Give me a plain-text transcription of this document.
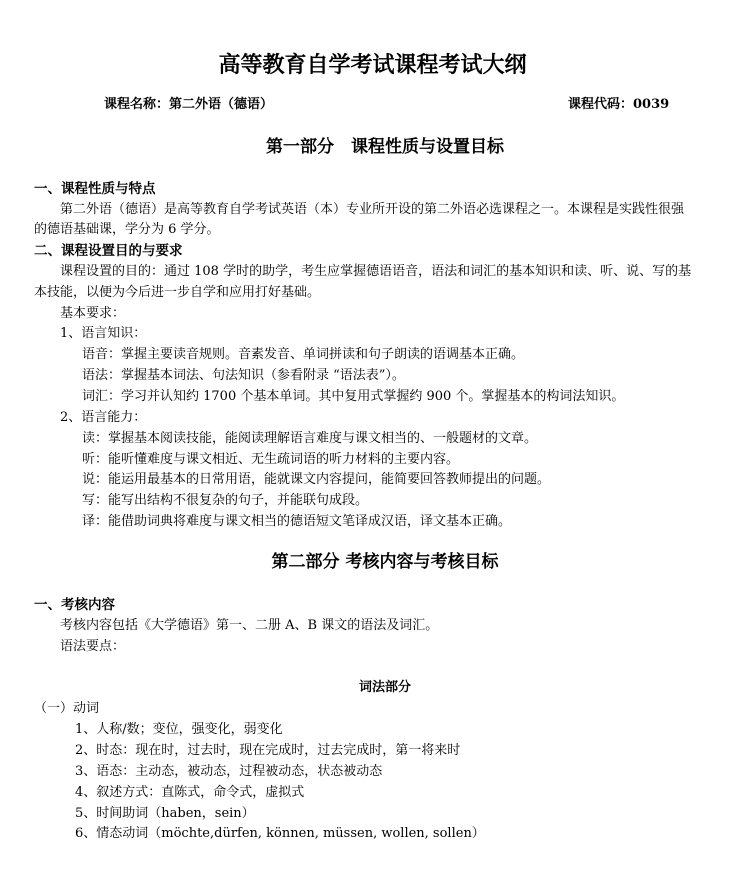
高等教育自学考试课程考试大纲
课程名称：第二外语（德语）	课程代码：0039
第一部分　课程性质与设置目标
一、课程性质与特点
第二外语（德语）是高等教育自学考试英语（本）专业所开设的第二外语必选课程之一。本课程是实践性很强
的德语基础课，学分为 6 学分。
二、课程设置目的与要求
课程设置的目的：通过 108 学时的助学，考生应掌握德语语音，语法和词汇的基本知识和读、听、说、写的基
本技能，以便为今后进一步自学和应用打好基础。
基本要求：
1、语言知识：
语音：掌握主要读音规则。音素发音、单词拼读和句子朗读的语调基本正确。
语法：掌握基本词法、句法知识（参看附录 “语法表”）。
词汇：学习并认知约 1700 个基本单词。其中复用式掌握约 900 个。掌握基本的构词法知识。
2、语言能力：
读：掌握基本阅读技能，能阅读理解语言难度与课文相当的、一般题材的文章。
听：能听懂难度与课文相近、无生疏词语的听力材料的主要内容。
说：能运用最基本的日常用语，能就课文内容提问，能简要回答教师提出的问题。
写：能写出结构不很复杂的句子，并能联句成段。
译：能借助词典将难度与课文相当的德语短文笔译成汉语，译文基本正确。
第二部分 考核内容与考核目标
一、考核内容
考核内容包括《大学德语》第一、二册 A、B 课文的语法及词汇。
语法要点：
词法部分
（一）动词
1、人称/数；变位，强变化，弱变化
2、时态：现在时，过去时，现在完成时，过去完成时，第一将来时
3、语态：主动态，被动态，过程被动态，状态被动态
4、叙述方式：直陈式，命令式，虚拟式
5、时间助词（haben，sein）
6、情态动词（möchte,dürfen, können, müssen, wollen, sollen）
